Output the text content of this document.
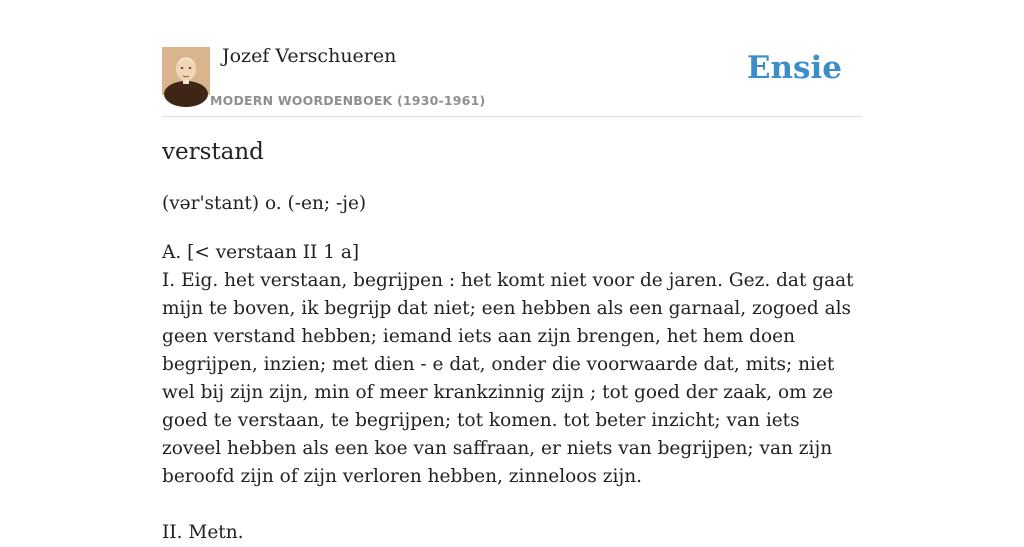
Jozef Verschueren
MODERN WOORDENBOEK (1930-1961)
Ensie
verstand
(vər'stant) o. (-en; -je)

A. [< verstaan II 1 a]

I. Eig. het verstaan, begrijpen : het komt niet voor de jaren. Gez. dat gaat mijn te boven, ik begrijp dat niet; een hebben als een garnaal, zogoed als geen verstand hebben; iemand iets aan zijn brengen, het hem doen begrijpen, inzien; met dien - e dat, onder die voorwaarde dat, mits; niet wel bij zijn zijn, min of meer krankzinnig zijn ; tot goed der zaak, om ze goed te verstaan, te begrijpen; tot komen. tot beter inzicht; van iets zoveel hebben als een koe van saffraan, er niets van begrijpen; van zijn beroofd zijn of zijn verloren hebben, zinneloos zijn.

II. Metn.
